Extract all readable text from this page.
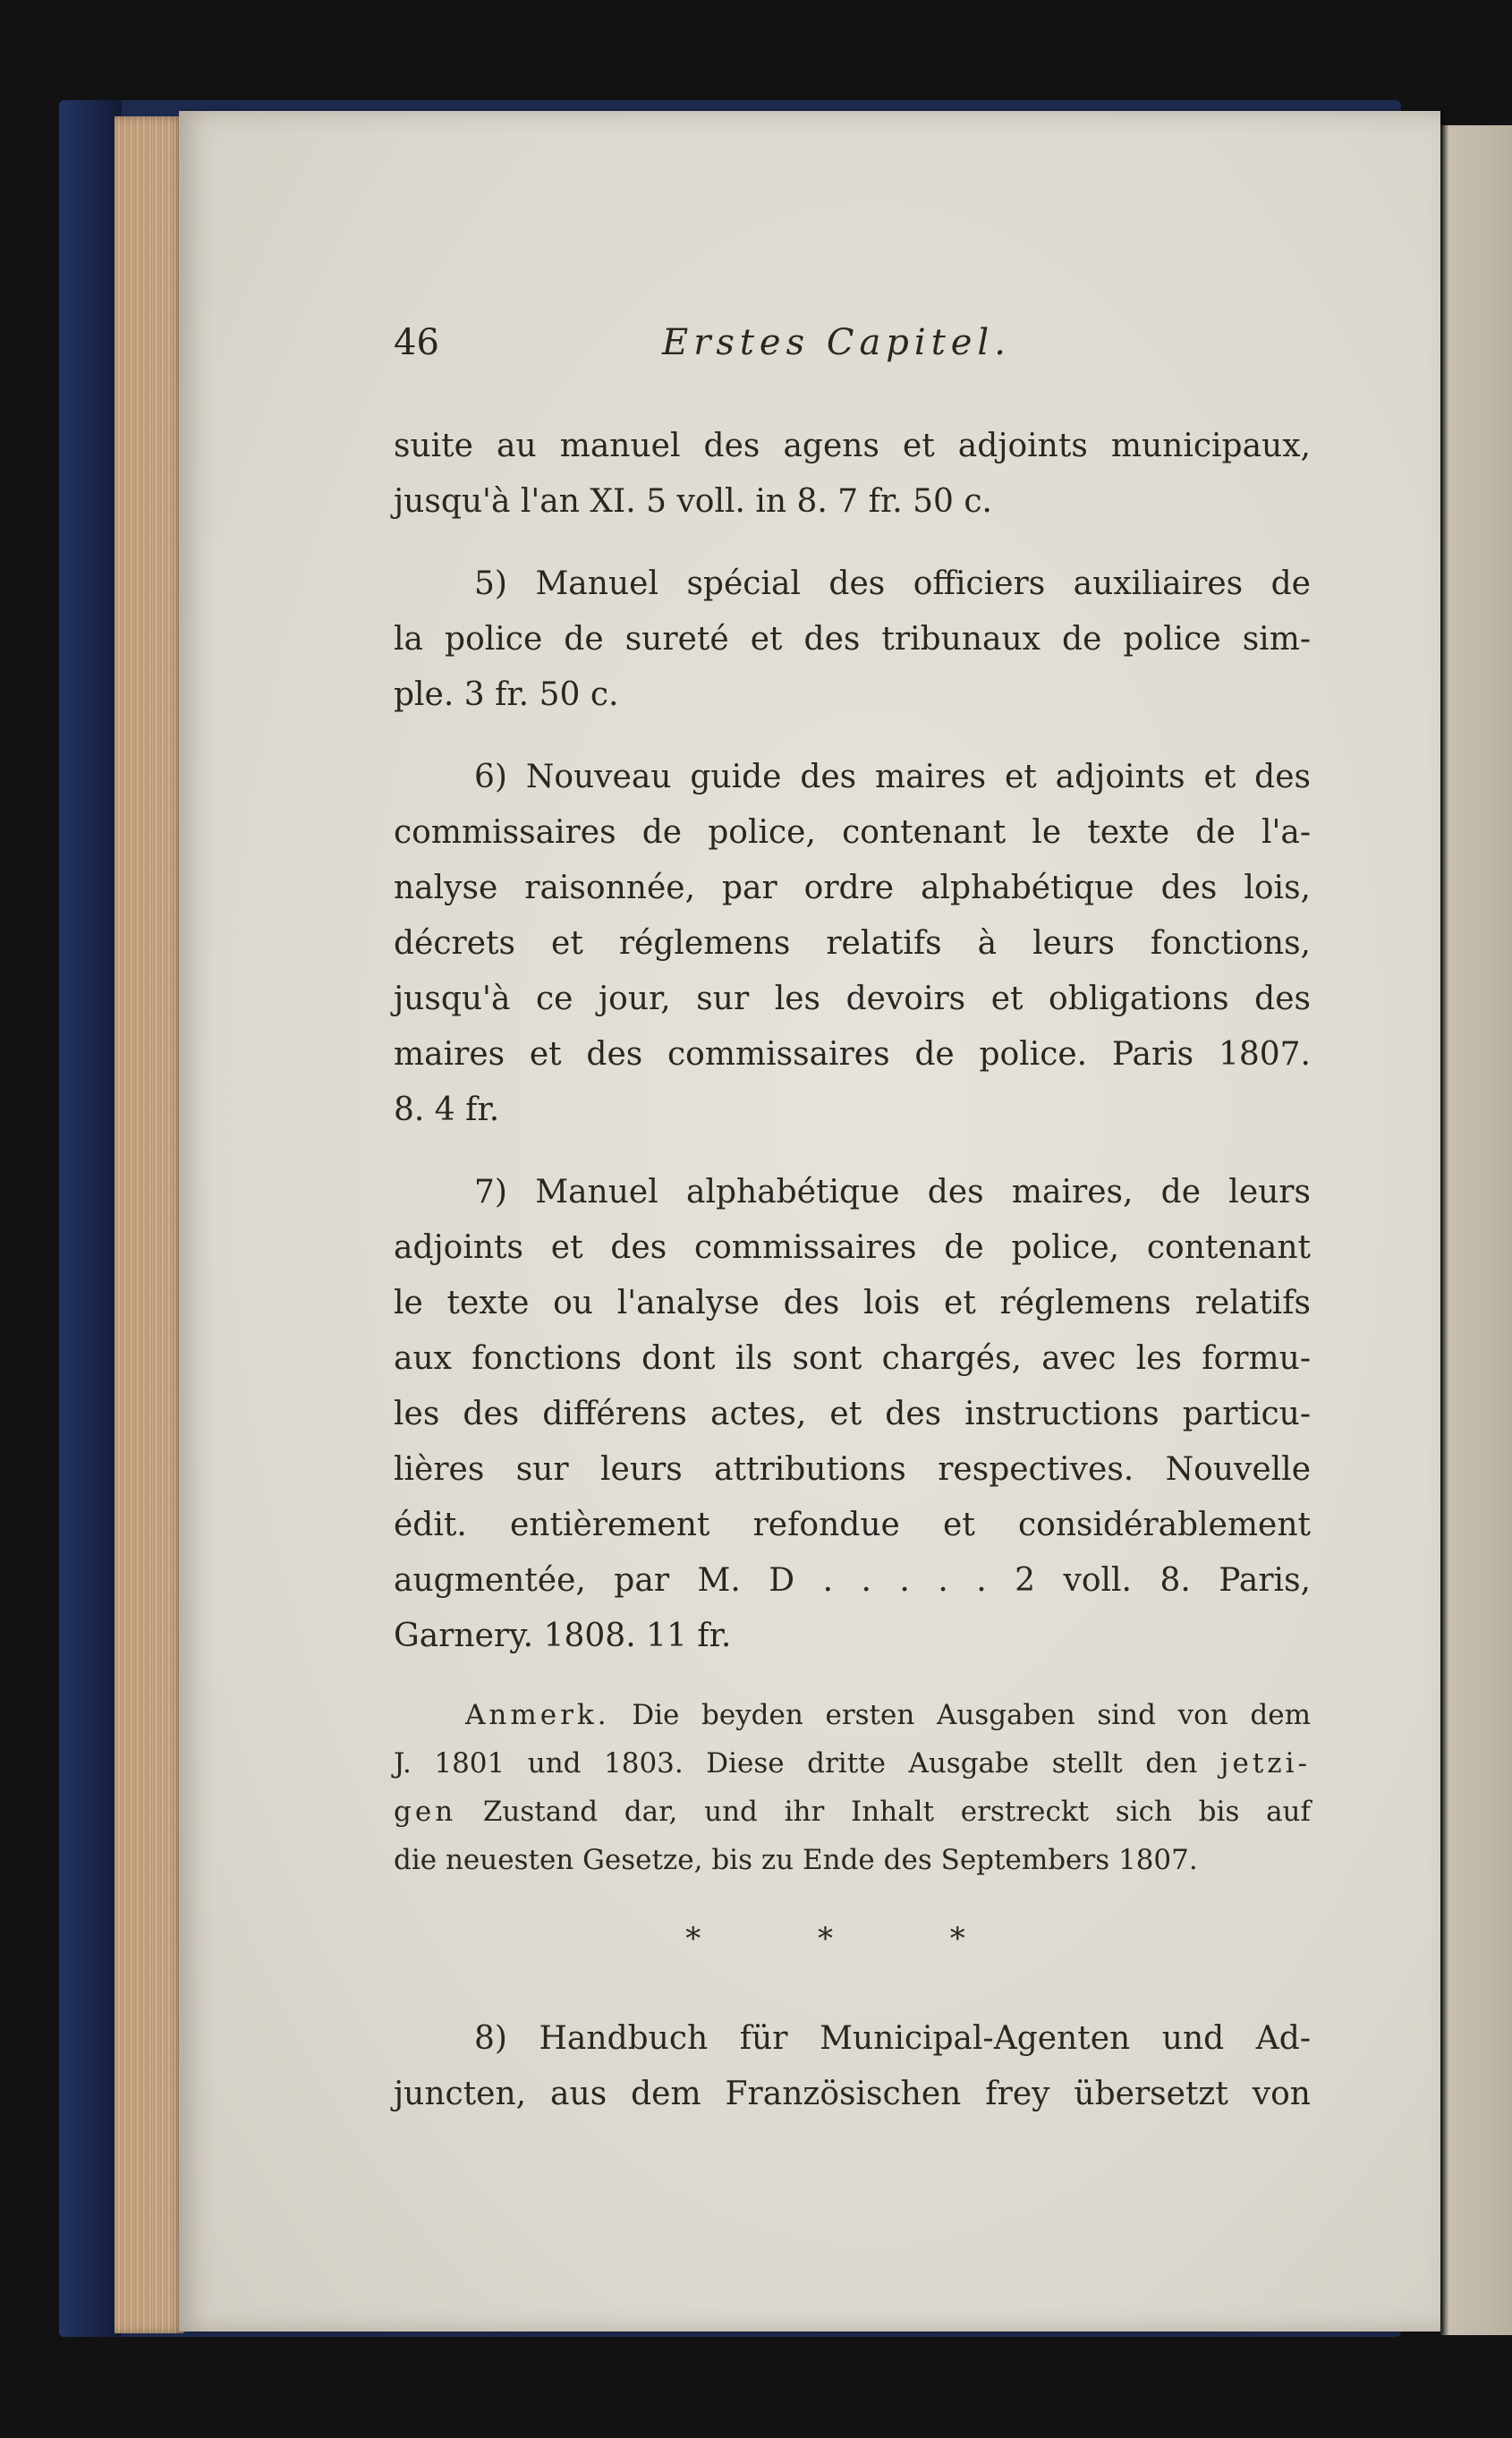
46	Erstes Capitel.
suite au manuel des agens et adjoints municipaux,
jusqu'à l'an XI. 5 voll. in 8. 7 fr. 50 c.
5) Manuel spécial des officiers auxiliaires de
la police de sureté et des tribunaux de police sim-
ple. 3 fr. 50 c.
6) Nouveau guide des maires et adjoints et des
commissaires de police, contenant le texte de l'a-
nalyse raisonnée, par ordre alphabétique des lois,
décrets et réglemens relatifs à leurs fonctions,
jusqu'à ce jour, sur les devoirs et obligations des
maires et des commissaires de police. Paris 1807.
8. 4 fr.
7) Manuel alphabétique des maires, de leurs
adjoints et des commissaires de police, contenant
le texte ou l'analyse des lois et réglemens relatifs
aux fonctions dont ils sont chargés, avec les formu-
les des différens actes, et des instructions particu-
lières sur leurs attributions respectives. Nouvelle
édit. entièrement refondue et considérablement
augmentée, par M. D . . . . . 2 voll. 8. Paris,
Garnery. 1808. 11 fr.
Anmerk. Die beyden ersten Ausgaben sind von dem
J. 1801 und 1803. Diese dritte Ausgabe stellt den jetzi-
gen Zustand dar, und ihr Inhalt erstreckt sich bis auf
die neuesten Gesetze, bis zu Ende des Septembers 1807.
* * *
8) Handbuch für Municipal-Agenten und Ad-
juncten, aus dem Französischen frey übersetzt von
